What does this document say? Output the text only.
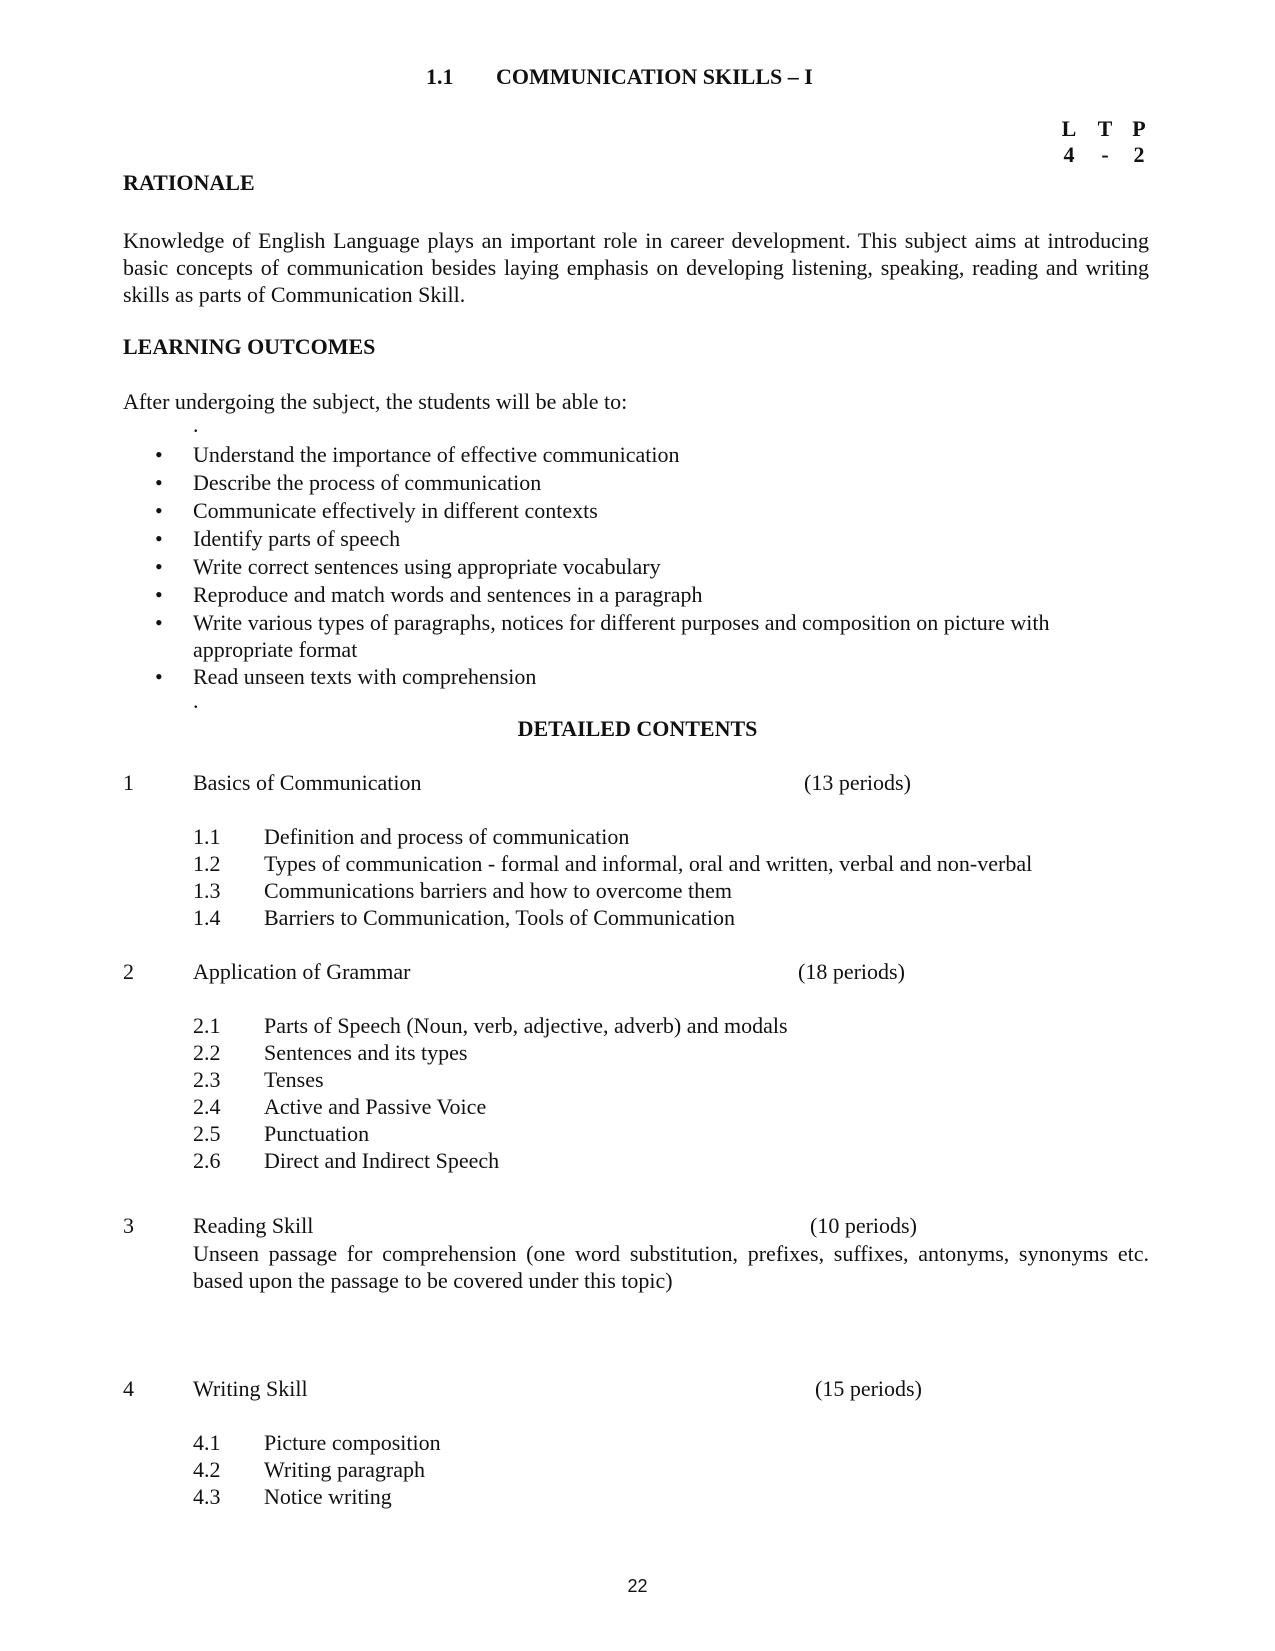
1.1 COMMUNICATION SKILLS – I
L T P
4	-	2
RATIONALE
Knowledge of English Language plays an important role in career development. This subject aims at introducing basic concepts of communication besides laying emphasis on developing listening, speaking, reading and writing skills as parts of Communication Skill.
LEARNING OUTCOMES
After undergoing the subject, the students will be able to:
.
•	Understand the importance of effective communication
•	Describe the process of communication
•	Communicate effectively in different contexts
•	Identify parts of speech
•	Write correct sentences using appropriate vocabulary
•	Reproduce and match words and sentences in a paragraph
•	Write various types of paragraphs, notices for different purposes and composition on picture with appropriate format
•	Read unseen texts with comprehension
.
DETAILED CONTENTS
1	Basics of Communication	(13 periods)
1.1 Definition and process of communication
1.2 Types of communication - formal and informal, oral and written, verbal and non-verbal
1.3 Communications barriers and how to overcome them
1.4 Barriers to Communication, Tools of Communication
2	Application of Grammar	(18 periods)
2.1 Parts of Speech (Noun, verb, adjective, adverb) and modals
2.2 Sentences and its types
2.3 Tenses
2.4 Active and Passive Voice
2.5 Punctuation
2.6 Direct and Indirect Speech
3	Reading Skill	(10 periods)
Unseen passage for comprehension (one word substitution, prefixes, suffixes, antonyms, synonyms etc. based upon the passage to be covered under this topic)
4	Writing Skill	(15 periods)
4.1 Picture composition
4.2 Writing paragraph
4.3 Notice writing
22
